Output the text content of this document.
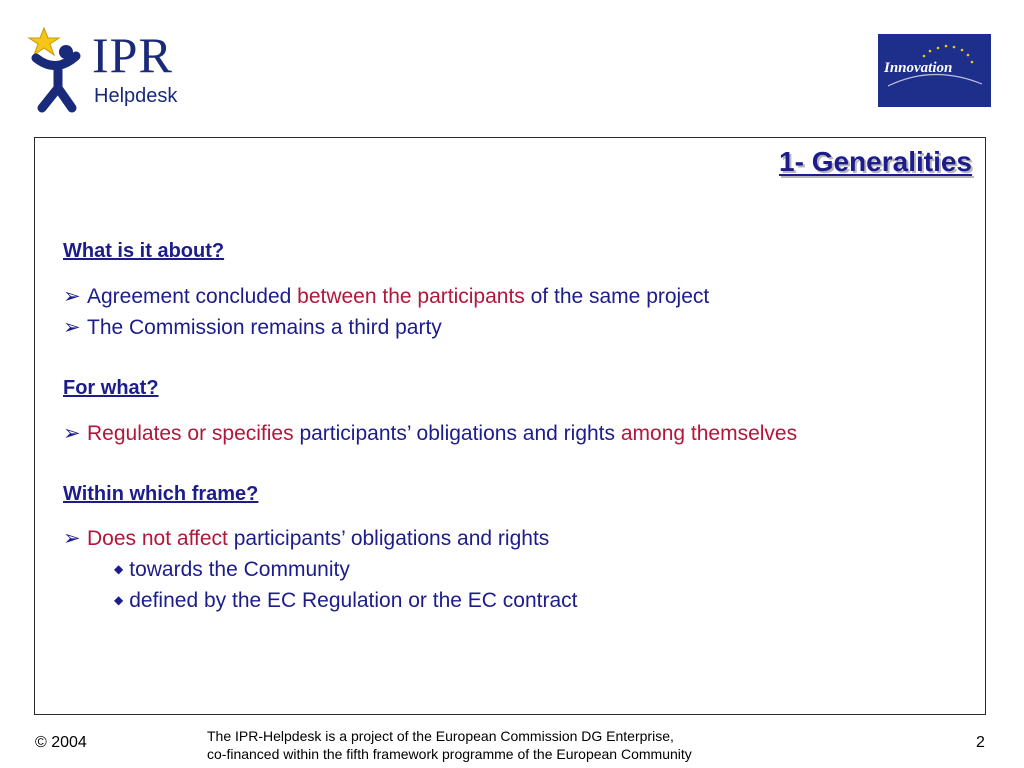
IPR
Helpdesk
Innovation
1- Generalities
What is it about?
➢ Agreement concluded between the participants of the same project
➢ The Commission remains a third party
For what?
➢ Regulates or specifies participants’ obligations and rights among themselves
Within which frame?
➢ Does not affect participants’ obligations and rights
◆ towards the Community
◆ defined by the EC Regulation or the EC contract
© 2004	The IPR-Helpdesk is a project of the European Commission DG Enterprise,
co-financed within the fifth framework programme of the European Community
2
